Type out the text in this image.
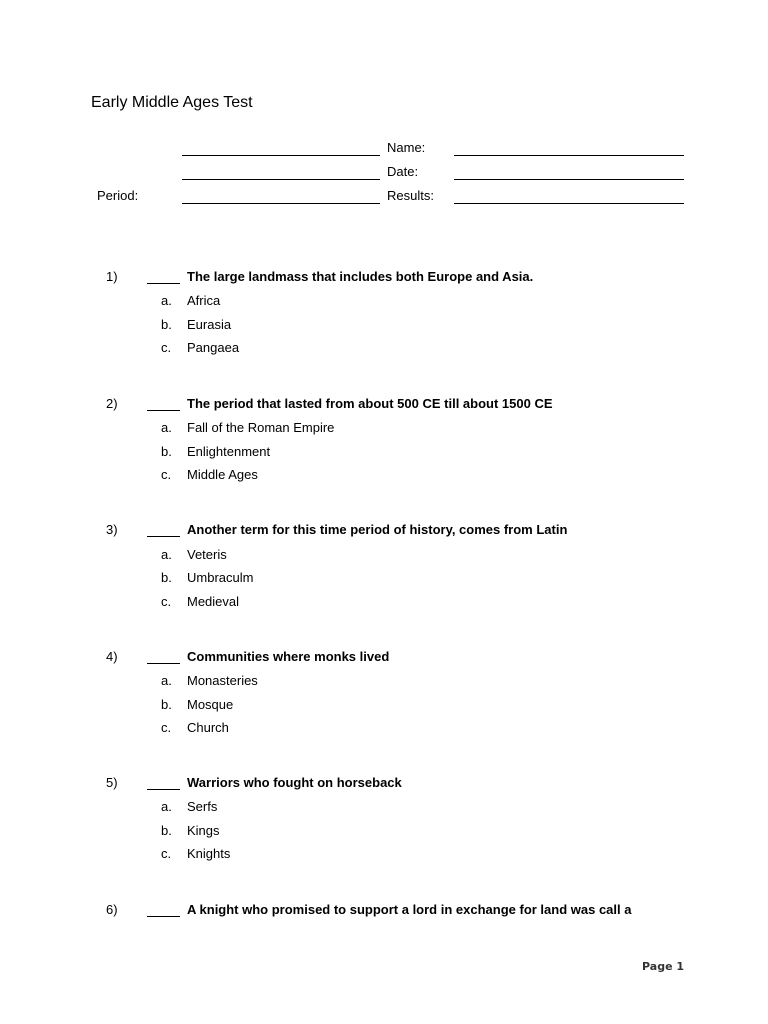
Early Middle Ages Test
Name:
Date:
Period:	Results:
1)	The large landmass that includes both Europe and Asia.
a. Africa
b. Eurasia
c. Pangaea
2)	The period that lasted from about 500 CE till about 1500 CE
a. Fall of the Roman Empire
b. Enlightenment
c. Middle Ages
3)	Another term for this time period of history, comes from Latin
a. Veteris
b. Umbraculm
c. Medieval
4)	Communities where monks lived
a. Monasteries
b. Mosque
c. Church
5)	Warriors who fought on horseback
a. Serfs
b. Kings
c. Knights
6)	A knight who promised to support a lord in exchange for land was call a
Page 1
